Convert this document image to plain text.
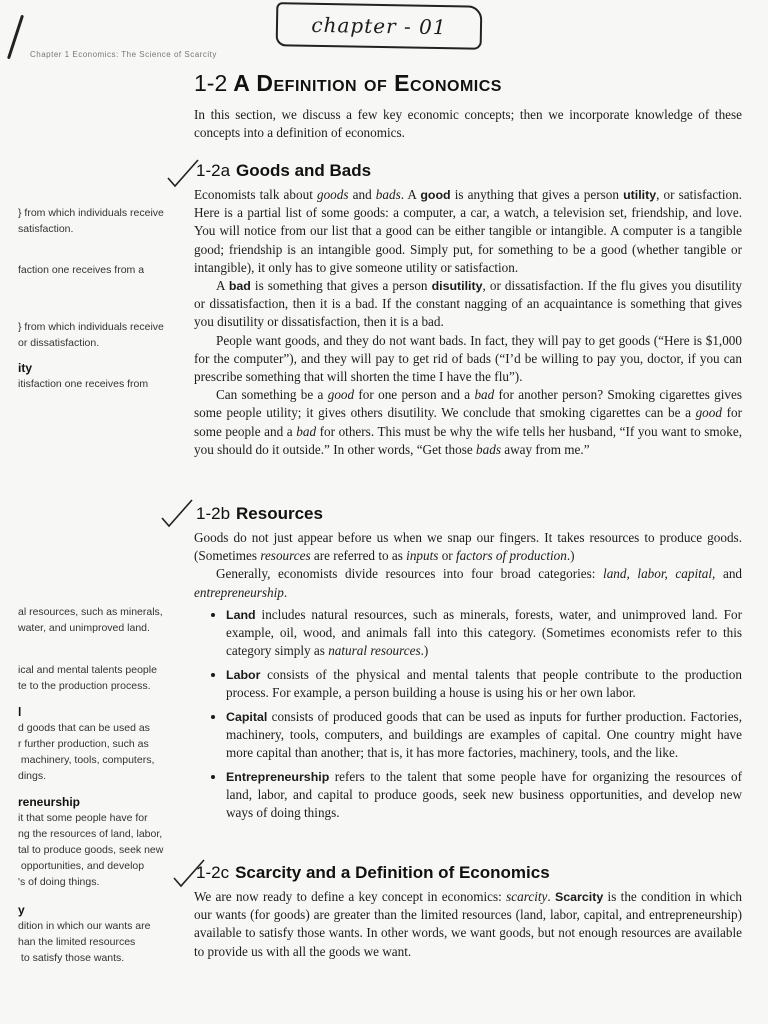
chapter - 01
Chapter 1 Economics: The Science of Scarcity
} from which individuals receive
satisfaction.
faction one receives from a
} from which individuals receive
or dissatisfaction.
ity
itisfaction one receives from
al resources, such as minerals,
water, and unimproved land.
ical and mental talents people
te to the production process.
l
d goods that can be used as
r further production, such as
machinery, tools, computers,
dings.
reneurship
it that some people have for
ng the resources of land, labor,
tal to produce goods, seek new
opportunities, and develop
's of doing things.
y
dition in which our wants are
han the limited resources
to satisfy those wants.
1-2 A Definition of Economics

In this section, we discuss a few key economic concepts; then we incorporate knowledge of these concepts into a definition of economics.

1-2a Goods and Bads

Economists talk about goods and bads. A good is anything that gives a person utility, or satisfaction. Here is a partial list of some goods: a computer, a car, a watch, a television set, friendship, and love. You will notice from our list that a good can be either tangible or intangible. A computer is a tangible good; friendship is an intangible good. Simply put, for something to be a good (whether tangible or intangible), it only has to give someone utility or satisfaction.

A bad is something that gives a person disutility, or dissatisfaction. If the flu gives you disutility or dissatisfaction, then it is a bad. If the constant nagging of an acquaintance is something that gives you disutility or dissatisfaction, then it is a bad.

People want goods, and they do not want bads. In fact, they will pay to get goods (“Here is $1,000 for the computer”), and they will pay to get rid of bads (“I’d be willing to pay you, doctor, if you can prescribe something that will shorten the time I have the flu”).

Can something be a good for one person and a bad for another person? Smoking cigarettes gives some people utility; it gives others disutility. We conclude that smoking cigarettes can be a good for some people and a bad for others. This must be why the wife tells her husband, “If you want to smoke, you should do it outside.” In other words, “Get those bads away from me.”

1-2b Resources

Goods do not just appear before us when we snap our fingers. It takes resources to produce goods. (Sometimes resources are referred to as inputs or factors of production.)

Generally, economists divide resources into four broad categories: land, labor, capital, and entrepreneurship.

• Land includes natural resources, such as minerals, forests, water, and unimproved land. For example, oil, wood, and animals fall into this category. (Sometimes economists refer to this category simply as natural resources.)
• Labor consists of the physical and mental talents that people contribute to the production process. For example, a person building a house is using his or her own labor.
• Capital consists of produced goods that can be used as inputs for further production. Factories, machinery, tools, computers, and buildings are examples of capital. One country might have more capital than another; that is, it has more factories, machinery, tools, and the like.
• Entrepreneurship refers to the talent that some people have for organizing the resources of land, labor, and capital to produce goods, seek new business opportunities, and develop new ways of doing things.
1-2c Scarcity and a Definition of Economics

We are now ready to define a key concept in economics: scarcity. Scarcity is the condition in which our wants (for goods) are greater than the limited resources (land, labor, capital, and entrepreneurship) available to satisfy those wants. In other words, we want goods, but not enough resources are available to provide us with all the goods we want.
